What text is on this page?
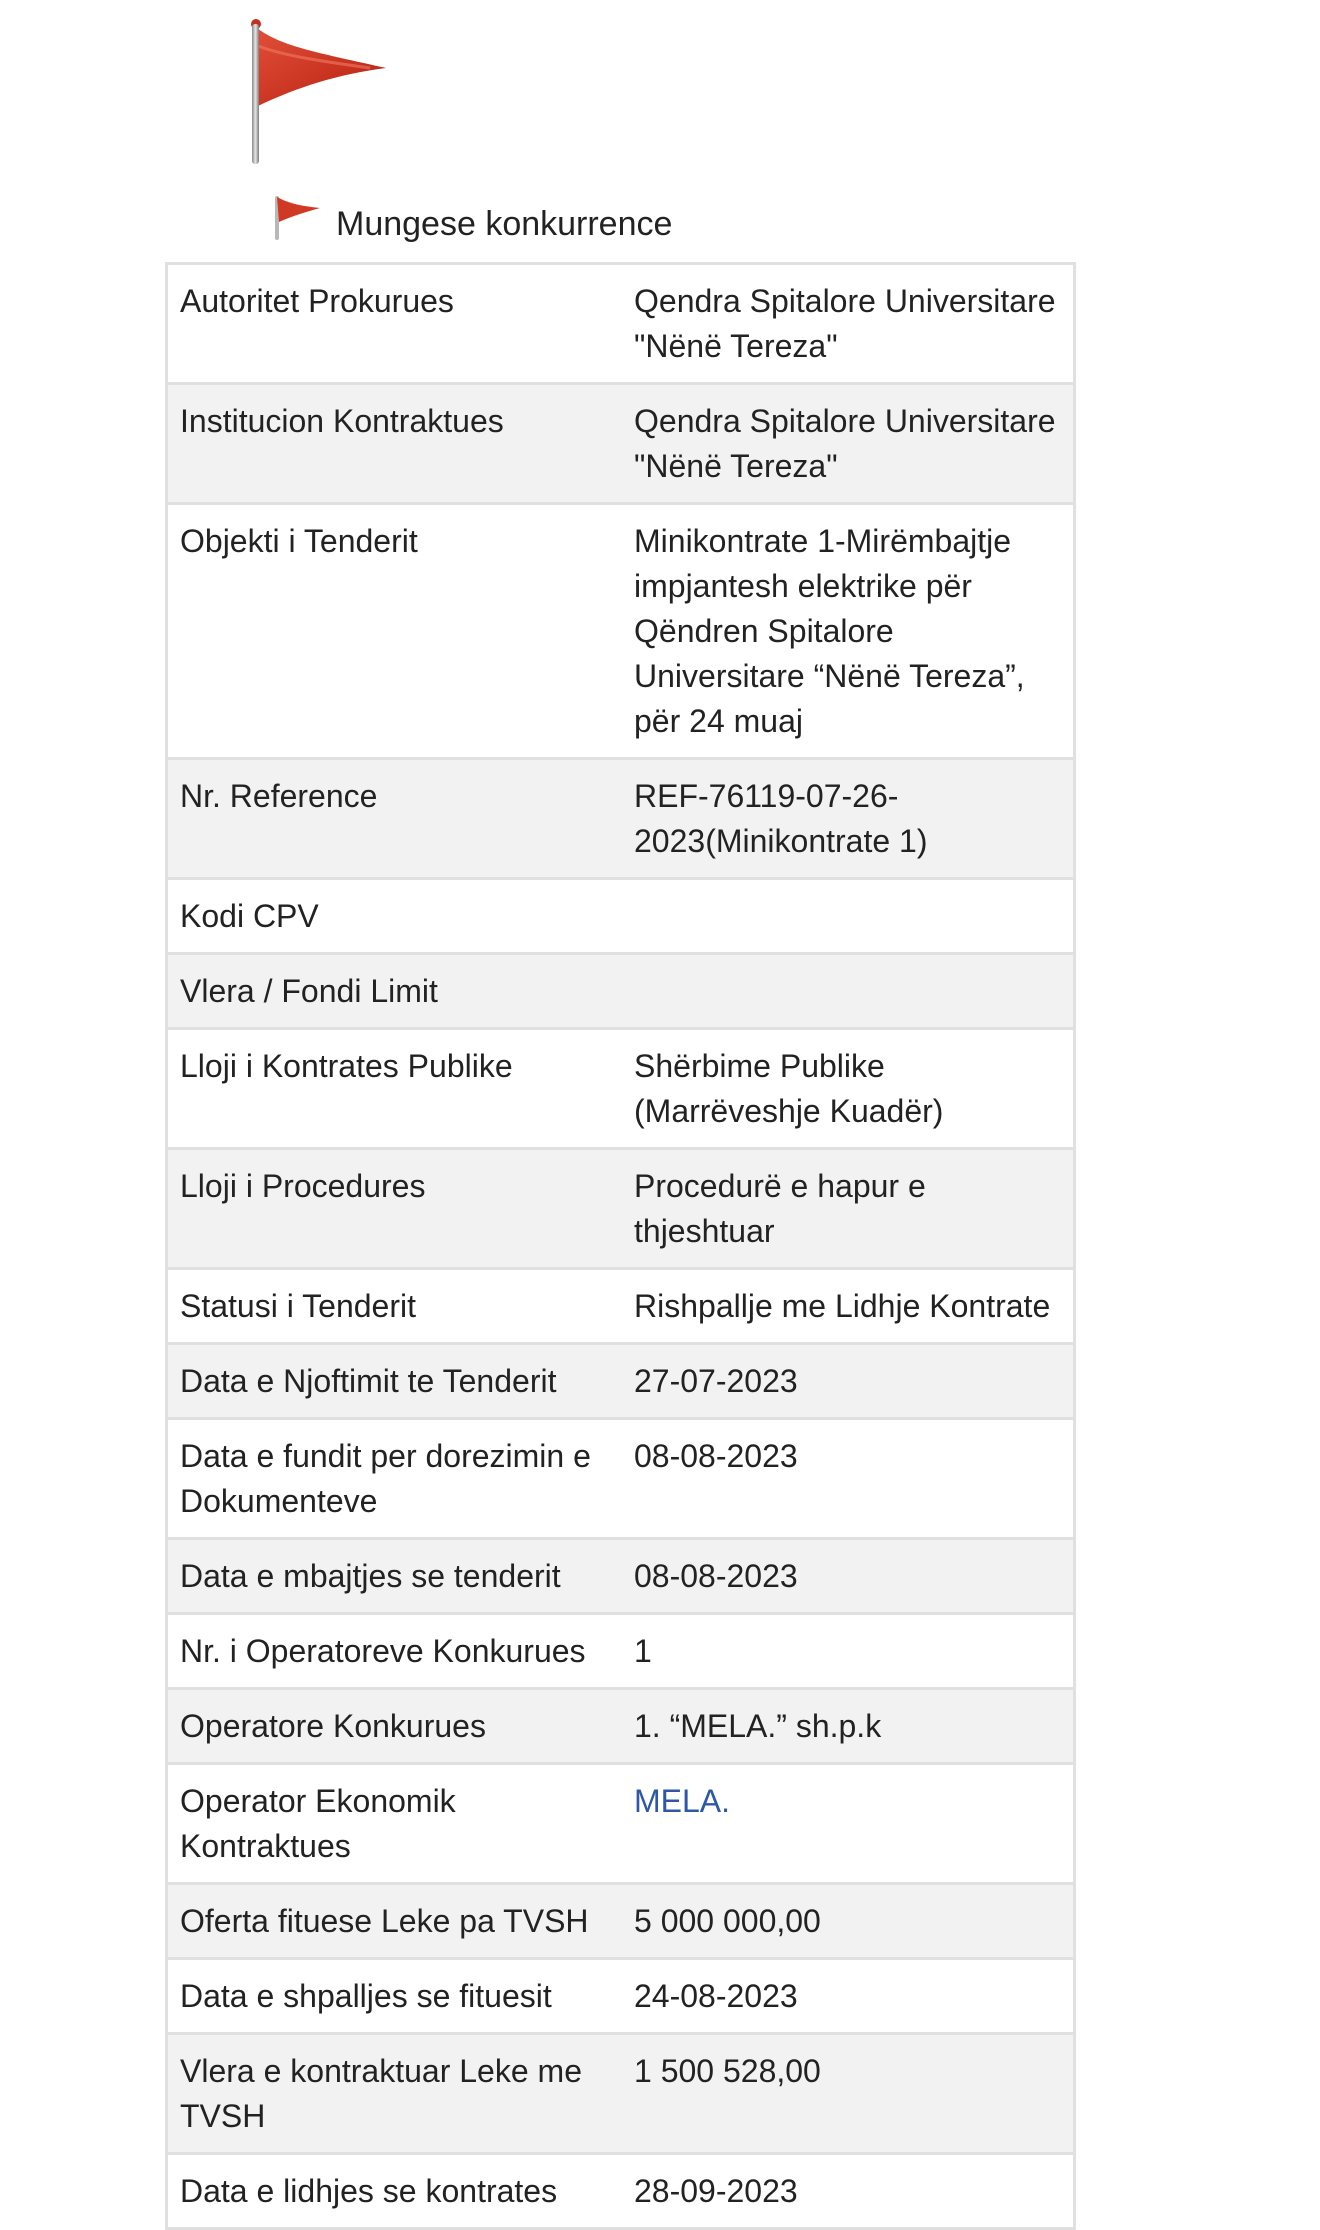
Mungese konkurrence
Autoritet Prokurues	Qendra Spitalore Universitare "Nënë Tereza"
Institucion Kontraktues	Qendra Spitalore Universitare "Nënë Tereza"
Objekti i Tenderit	Minikontrate 1-Mirëmbajtje impjantesh elektrike për Qëndren Spitalore Universitare “Nënë Tereza”, për 24 muaj
Nr. Reference	REF-76119-07-26-2023(Minikontrate 1)
Kodi CPV	
Vlera / Fondi Limit	
Lloji i Kontrates Publike	Shërbime Publike (Marrëveshje Kuadër)
Lloji i Procedures	Procedurë e hapur e thjeshtuar
Statusi i Tenderit	Rishpallje me Lidhje Kontrate
Data e Njoftimit te Tenderit	27-07-2023
Data e fundit per dorezimin e Dokumenteve	08-08-2023
Data e mbajtjes se tenderit	08-08-2023
Nr. i Operatoreve Konkurues	1
Operatore Konkurues	1. “MELA.” sh.p.k
Operator Ekonomik Kontraktues	MELA.
Oferta fituese Leke pa TVSH	5 000 000,00
Data e shpalljes se fituesit	24-08-2023
Vlera e kontraktuar Leke me TVSH	1 500 528,00
Data e lidhjes se kontrates	28-09-2023
